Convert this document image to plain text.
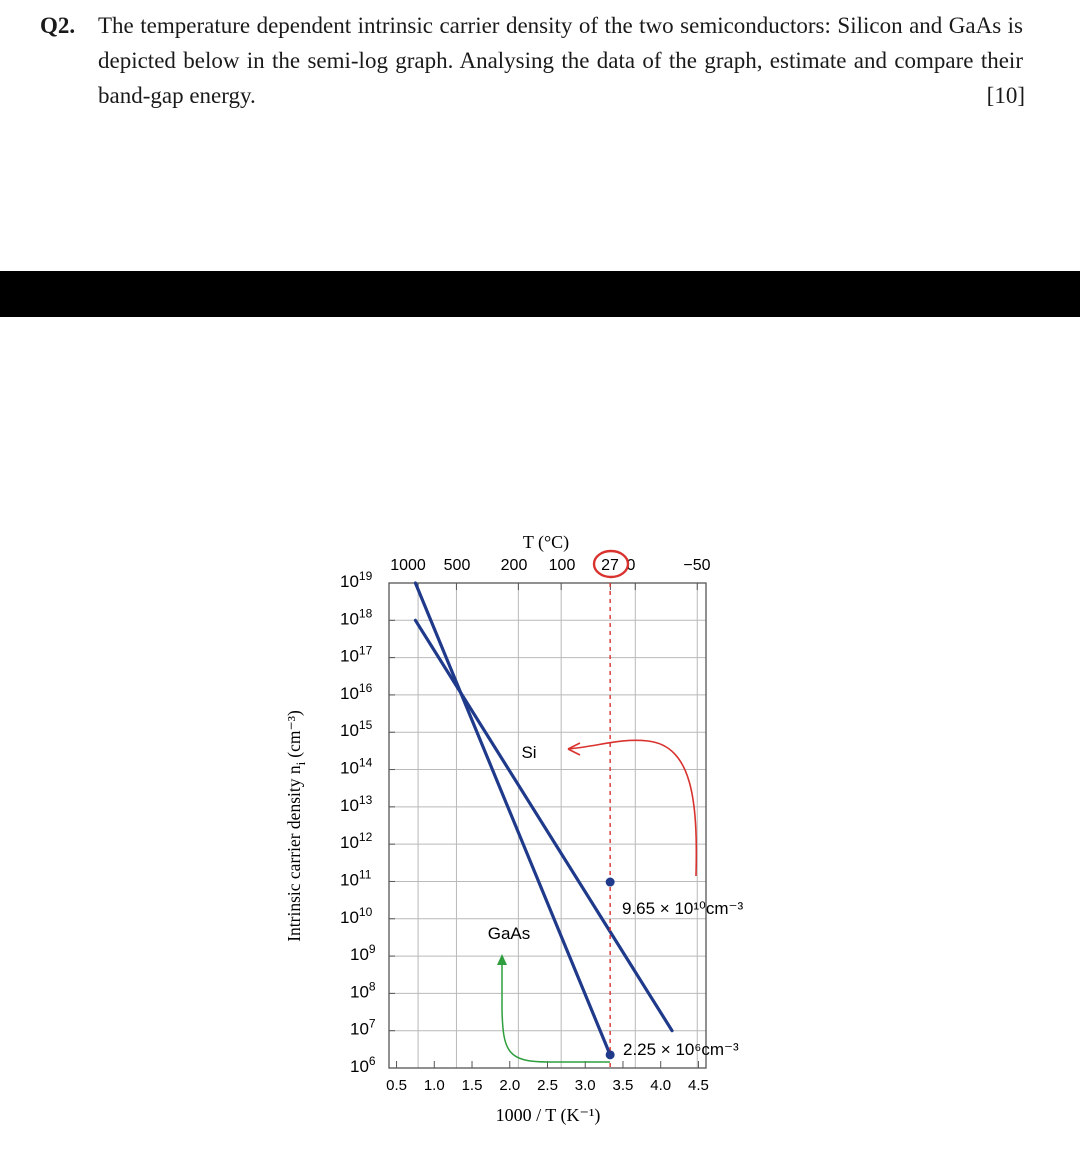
Q2. The temperature dependent intrinsic carrier density of the two semiconductors: Silicon and GaAs is depicted below in the semi-log graph. Analysing the data of the graph, estimate and compare their band-gap energy.	[10]
$10^6$
$10^7$
$10^8$
$10^9$
$10^{10}$
$10^{11}$
$10^{12}$
$10^{13}$
$10^{14}$
$10^{15}$
$10^{16}$
$10^{17}$
$10^{18}$
$10^{19}$
1000 500 200 100 27 0	−50
0.5 1.0 1.5 2.0 2.5 3.0 3.5 4.0 4.5
T (°C)
1000 / T (K⁻¹)
Intrinsic carrier density $n_i(cm^{-3})$	Si
GaAs
9.65 × 10¹⁰cm⁻³
2.25 × 10⁶cm⁻³
